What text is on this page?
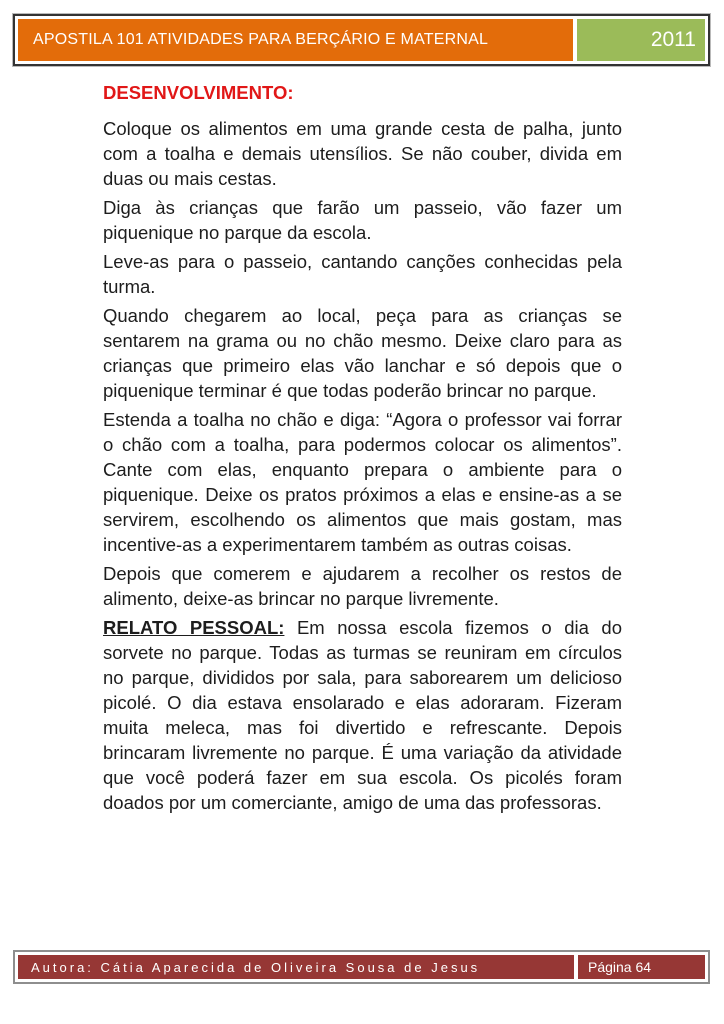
APOSTILA 101 ATIVIDADES PARA BERÇÁRIO E MATERNAL	2011
DESENVOLVIMENTO:

Coloque os alimentos em uma grande cesta de palha, junto com a toalha e demais utensílios. Se não couber, divida em duas ou mais cestas.

Diga às crianças que farão um passeio, vão fazer um piquenique no parque da escola.

Leve-as para o passeio, cantando canções conhecidas pela turma.

Quando chegarem ao local, peça para as crianças se sentarem na grama ou no chão mesmo. Deixe claro para as crianças que primeiro elas vão lanchar e só depois que o piquenique terminar é que todas poderão brincar no parque.

Estenda a toalha no chão e diga: “Agora o professor vai forrar o chão com a toalha, para podermos colocar os alimentos”. Cante com elas, enquanto prepara o ambiente para o piquenique. Deixe os pratos próximos a elas e ensine-as a se servirem, escolhendo os alimentos que mais gostam, mas incentive-as a experimentarem também as outras coisas.

Depois que comerem e ajudarem a recolher os restos de alimento, deixe-as brincar no parque livremente.

RELATO PESSOAL: Em nossa escola fizemos o dia do sorvete no parque. Todas as turmas se reuniram em círculos no parque, divididos por sala, para saborearem um delicioso picolé. O dia estava ensolarado e elas adoraram. Fizeram muita meleca, mas foi divertido e refrescante. Depois brincaram livremente no parque. É uma variação da atividade que você poderá fazer em sua escola. Os picolés foram doados por um comerciante, amigo de uma das professoras.

Autora: Cátia Aparecida de Oliveira Sousa de Jesus	Página 64
